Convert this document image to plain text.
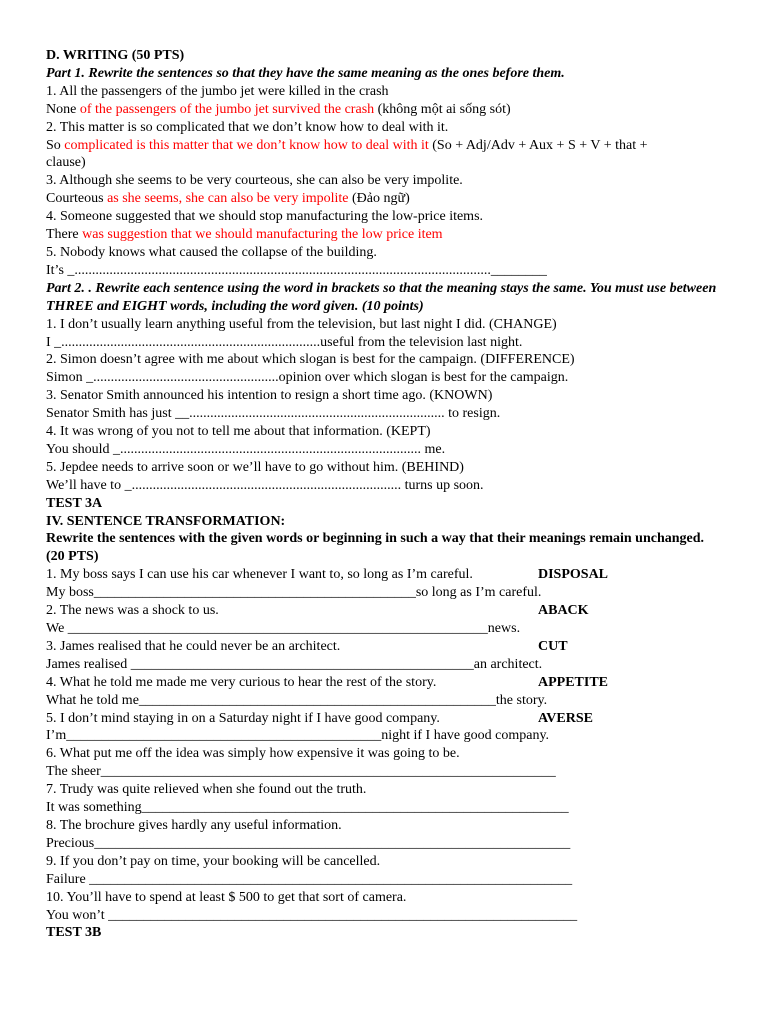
D. WRITING (50 PTS)
Part 1. Rewrite the sentences so that they have the same meaning as the ones before them.
1. All the passengers of the jumbo jet were killed in the crash
None of the passengers of the jumbo jet survived the crash (không một ai sống sót)
2. This matter is so complicated that we don’t know how to deal with it.
So complicated is this matter that we don’t know how to deal with it (So + Adj/Adv + Aux + S + V + that +
clause)
3. Although she seems to be very courteous, she can also be very impolite.
Courteous as she seems, she can also be very impolite (Đảo ngữ)
4. Someone suggested that we should stop manufacturing the low-price items.
There was suggestion that we should manufacturing the low price item
5. Nobody knows what caused the collapse of the building.
It’s _.......................................................................................................................________
Part 2. . Rewrite each sentence using the word in brackets so that the meaning stays the same. You must use between THREE and EIGHT words, including the word given. (10 points)
1. I don’t usually learn anything useful from the television, but last night I did. (CHANGE)
I _..........................................................................useful from the television last night.
2. Simon doesn’t agree with me about which slogan is best for the campaign. (DIFFERENCE)
Simon _.....................................................opinion over which slogan is best for the campaign.
3. Senator Smith announced his intention to resign a short time ago. (KNOWN)
Senator Smith has just __......................................................................... to resign.
4. It was wrong of you not to tell me about that information. (KEPT)
You should _...................................................................................... me.
5. Jepdee needs to arrive soon or we’ll have to go without him. (BEHIND)
We’ll have to _............................................................................. turns up soon.
TEST 3A
IV. SENTENCE TRANSFORMATION:
Rewrite the sentences with the given words or beginning in such a way that their meanings remain unchanged. (20 PTS)
1. My boss says I can use his car whenever I want to, so long as I’m careful.	DISPOSAL
My boss______________________________________________so long as I’m careful.
2. The news was a shock to us.	ABACK
We ____________________________________________________________news.
3. James realised that he could never be an architect.	CUT
James realised _________________________________________________an architect.
4. What he told me made me very curious to hear the rest of the story.	APPETITE
What he told me___________________________________________________the story.
5. I don’t mind staying in on a Saturday night if I have good company.	AVERSE
I’m_____________________________________________night if I have good company.
6. What put me off the idea was simply how expensive it was going to be.
The sheer_________________________________________________________________
7. Trudy was quite relieved when she found out the truth.
It was something_____________________________________________________________
8. The brochure gives hardly any useful information.
Precious____________________________________________________________________
9. If you don’t pay on time, your booking will be cancelled.
Failure _____________________________________________________________________
10. You’ll have to spend at least $ 500 to get that sort of camera.
You won’t ___________________________________________________________________
TEST 3B
